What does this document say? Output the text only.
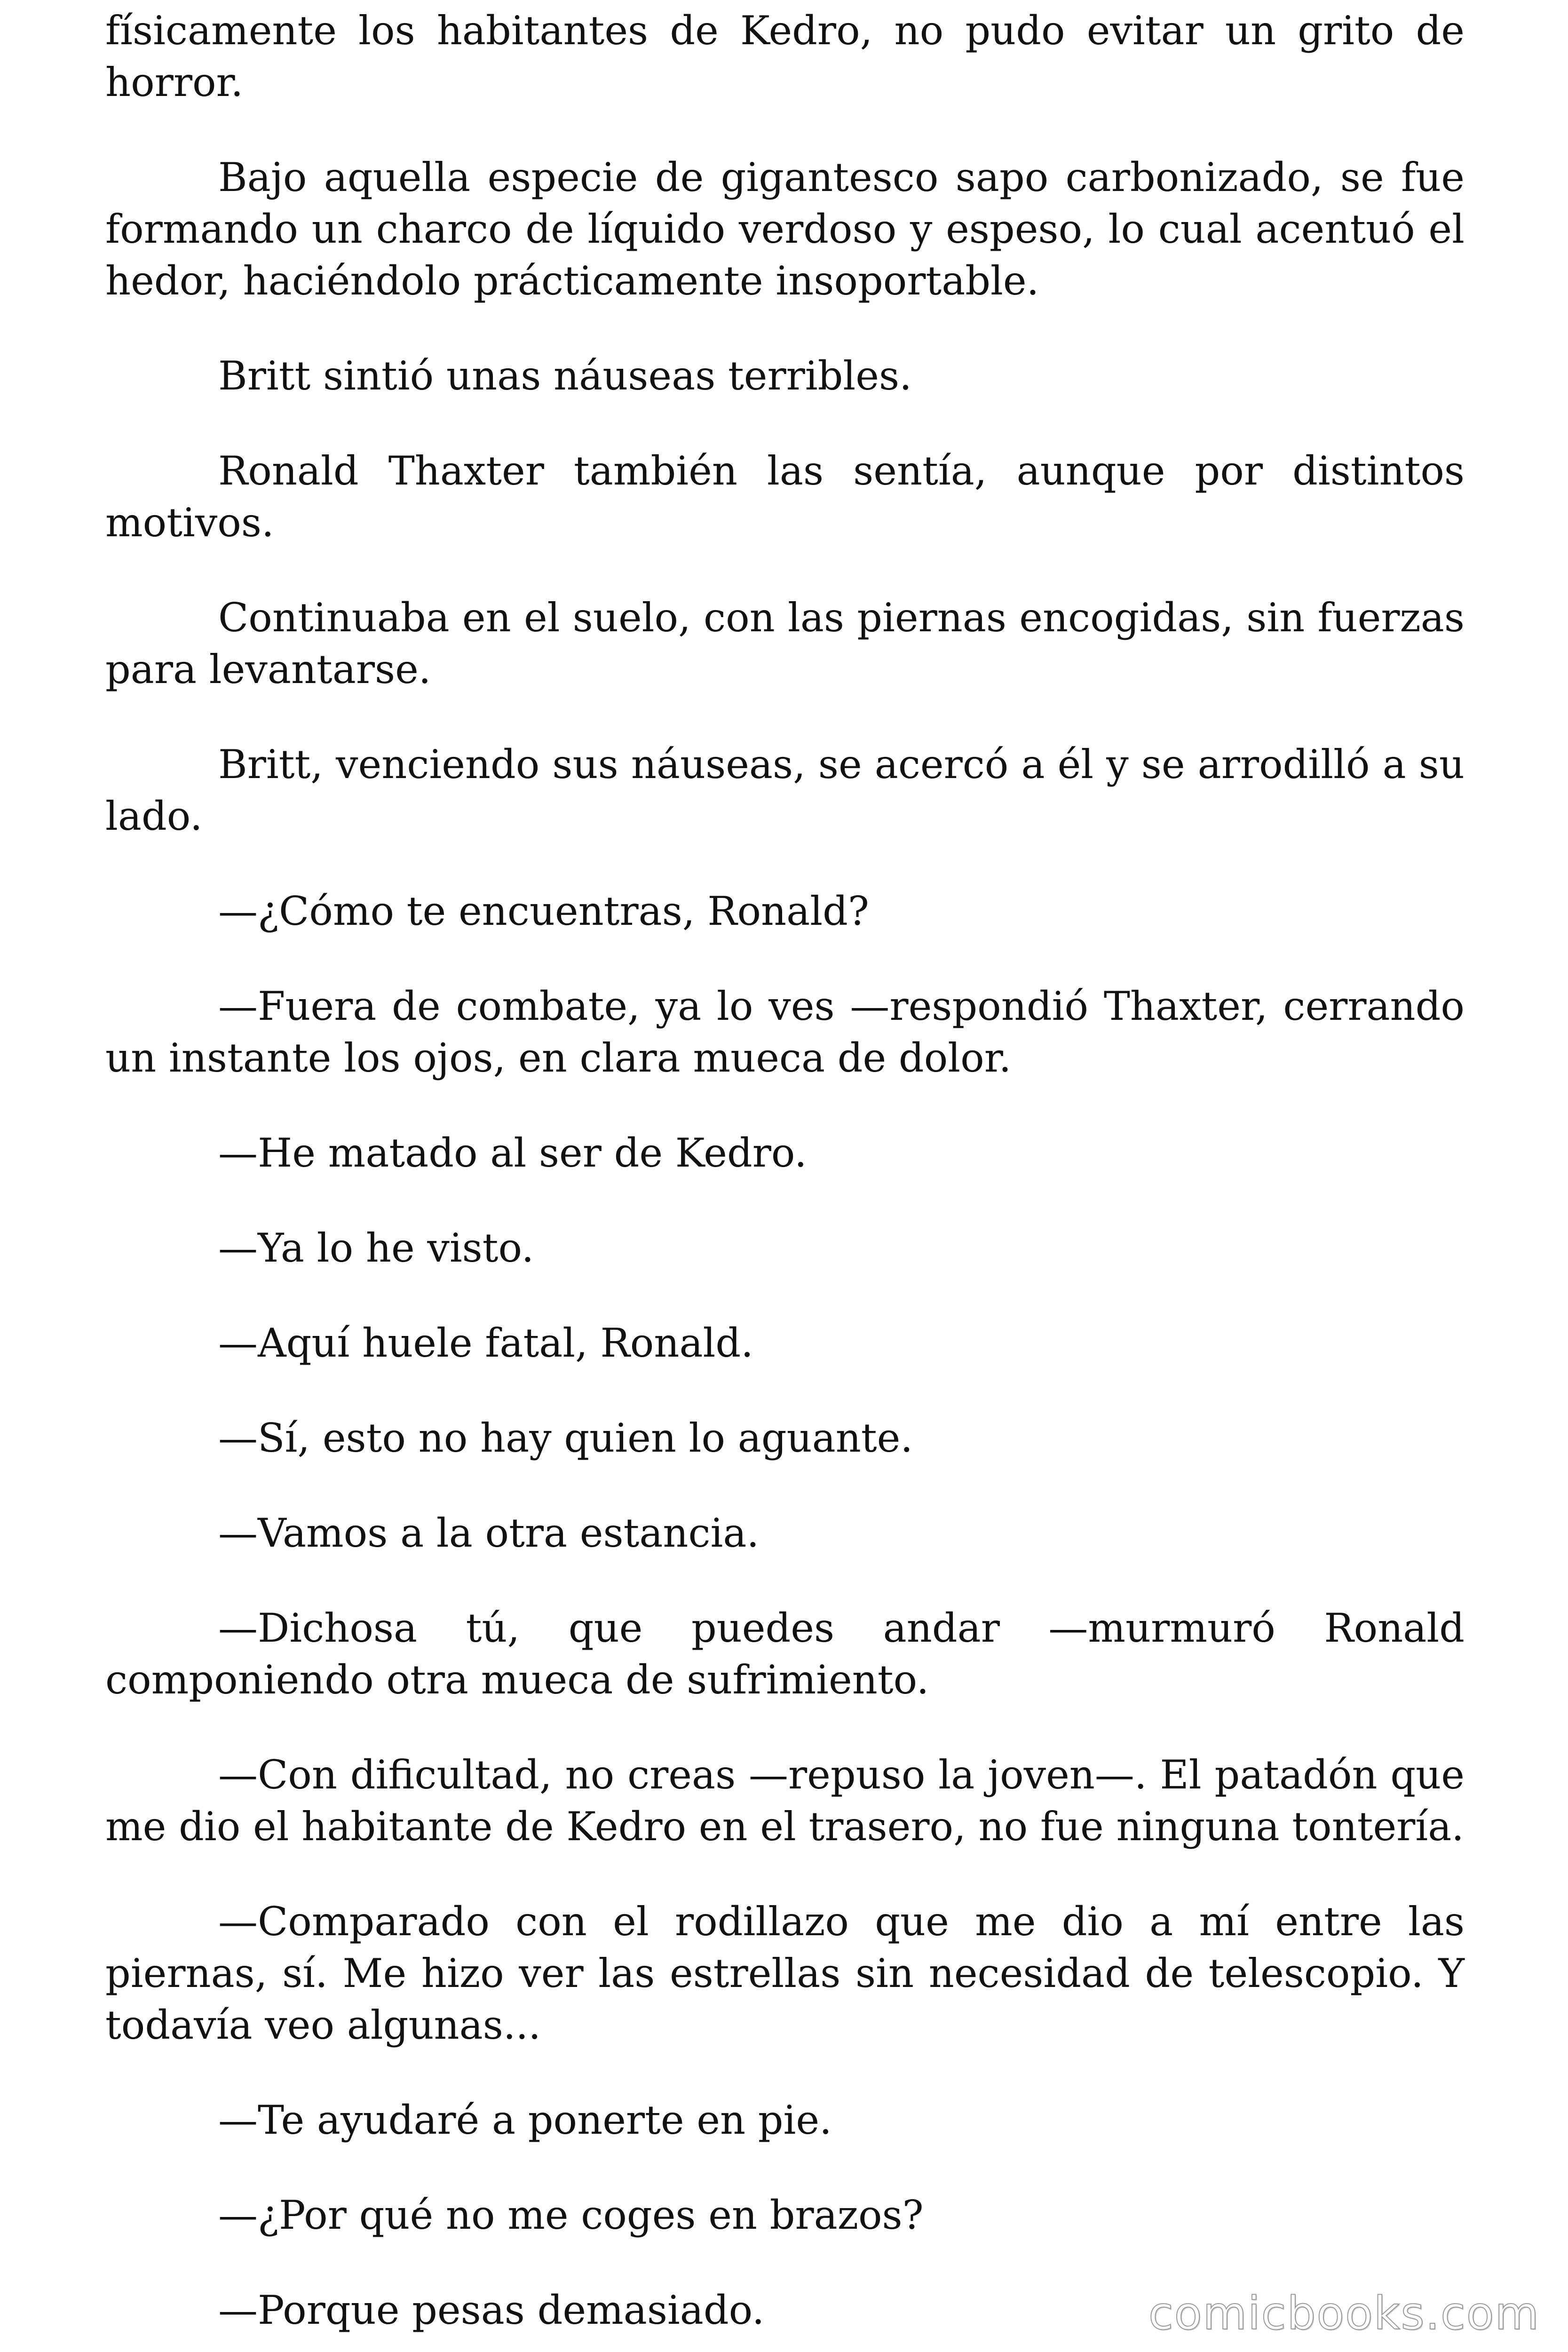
físicamente los habitantes de Kedro, no pudo evitar un grito de horror.

Bajo aquella especie de gigantesco sapo carbonizado, se fue formando un charco de líquido verdoso y espeso, lo cual acentuó el hedor, haciéndolo prácticamente insoportable.

Britt sintió unas náuseas terribles.

Ronald Thaxter también las sentía, aunque por distintos motivos.

Continuaba en el suelo, con las piernas encogidas, sin fuerzas para levantarse.

Britt, venciendo sus náuseas, se acercó a él y se arrodilló a su lado.

—¿Cómo te encuentras, Ronald?

—Fuera de combate, ya lo ves —respondió Thaxter, cerrando un instante los ojos, en clara mueca de dolor.

—He matado al ser de Kedro.

—Ya lo he visto.

—Aquí huele fatal, Ronald.

—Sí, esto no hay quien lo aguante.

—Vamos a la otra estancia.

—Dichosa tú, que puedes andar —murmuró Ronald componiendo otra mueca de sufrimiento.

—Con dificultad, no creas —repuso la joven—. El patadón que me dio el habitante de Kedro en el trasero, no fue ninguna tontería.

—Comparado con el rodillazo que me dio a mí entre las piernas, sí. Me hizo ver las estrellas sin necesidad de telescopio. Y todavía veo algunas...

—Te ayudaré a ponerte en pie.

—¿Por qué no me coges en brazos?

—Porque pesas demasiado.	comicbooks.com
